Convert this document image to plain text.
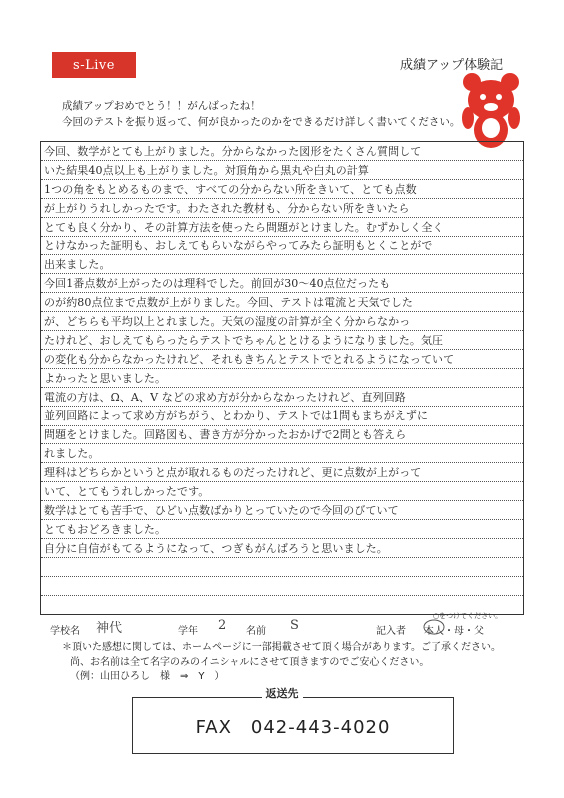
s-Live	成績アップ体験記
成績アップおめでとう！！がんばったね！
今回のテストを振り返って、何が良かったのかをできるだけ詳しく書いてください。
今回、数学がとても上がりました。分からなかった図形をたくさん質問して
いた結果40点以上も上がりました。対頂角から黒丸や白丸の計算
1つの角をもとめるものまで、すべての分からない所をきいて、とても点数
が上がりうれしかったです。わたされた教材も、分からない所をきいたら
とても良く分かり、その計算方法を使ったら問題がとけました。むずかしく全く
とけなかった証明も、おしえてもらいながらやってみたら証明もとくことがで
出来ました。
今回1番点数が上がったのは理科でした。前回が30～40点位だったも
のが約80点位まで点数が上がりました。今回、テストは電流と天気でした
が、どちらも平均以上とれました。天気の湿度の計算が全く分からなかっ
たけれど、おしえてもらったらテストでちゃんととけるようになりました。気圧
の変化も分からなかったけれど、それもきちんとテストでとれるようになっていて
よかったと思いました。
電流の方は、Ω、A、V などの求め方が分からなかったけれど、直列回路
並列回路によって求め方がちがう、とわかり、テストでは1問もまちがえずに
問題をとけました。回路図も、書き方が分かったおかげで2問とも答えら
れました。
理科はどちらかというと点が取れるものだったけれど、更に点数が上がって
いて、とてもうれしかったです。
数学はとても苦手で、ひどい点数ばかりとっていたので今回のびていて
とてもおどろきました。
自分に自信がもてるようになって、つぎもがんばろうと思いました。
○をつけてください。
学校名 神代	学年 2 名前 S	記入者 本人・母・父
＊頂いた感想に関しては、ホームページに一部掲載させて頂く場合があります。ご了承ください。
尚、お名前は全て名字のみのイニシャルにさせて頂きますのでご安心ください。
（例：山田ひろし　様　⇒　Y　）
FAX　042-443-4020
返送先
